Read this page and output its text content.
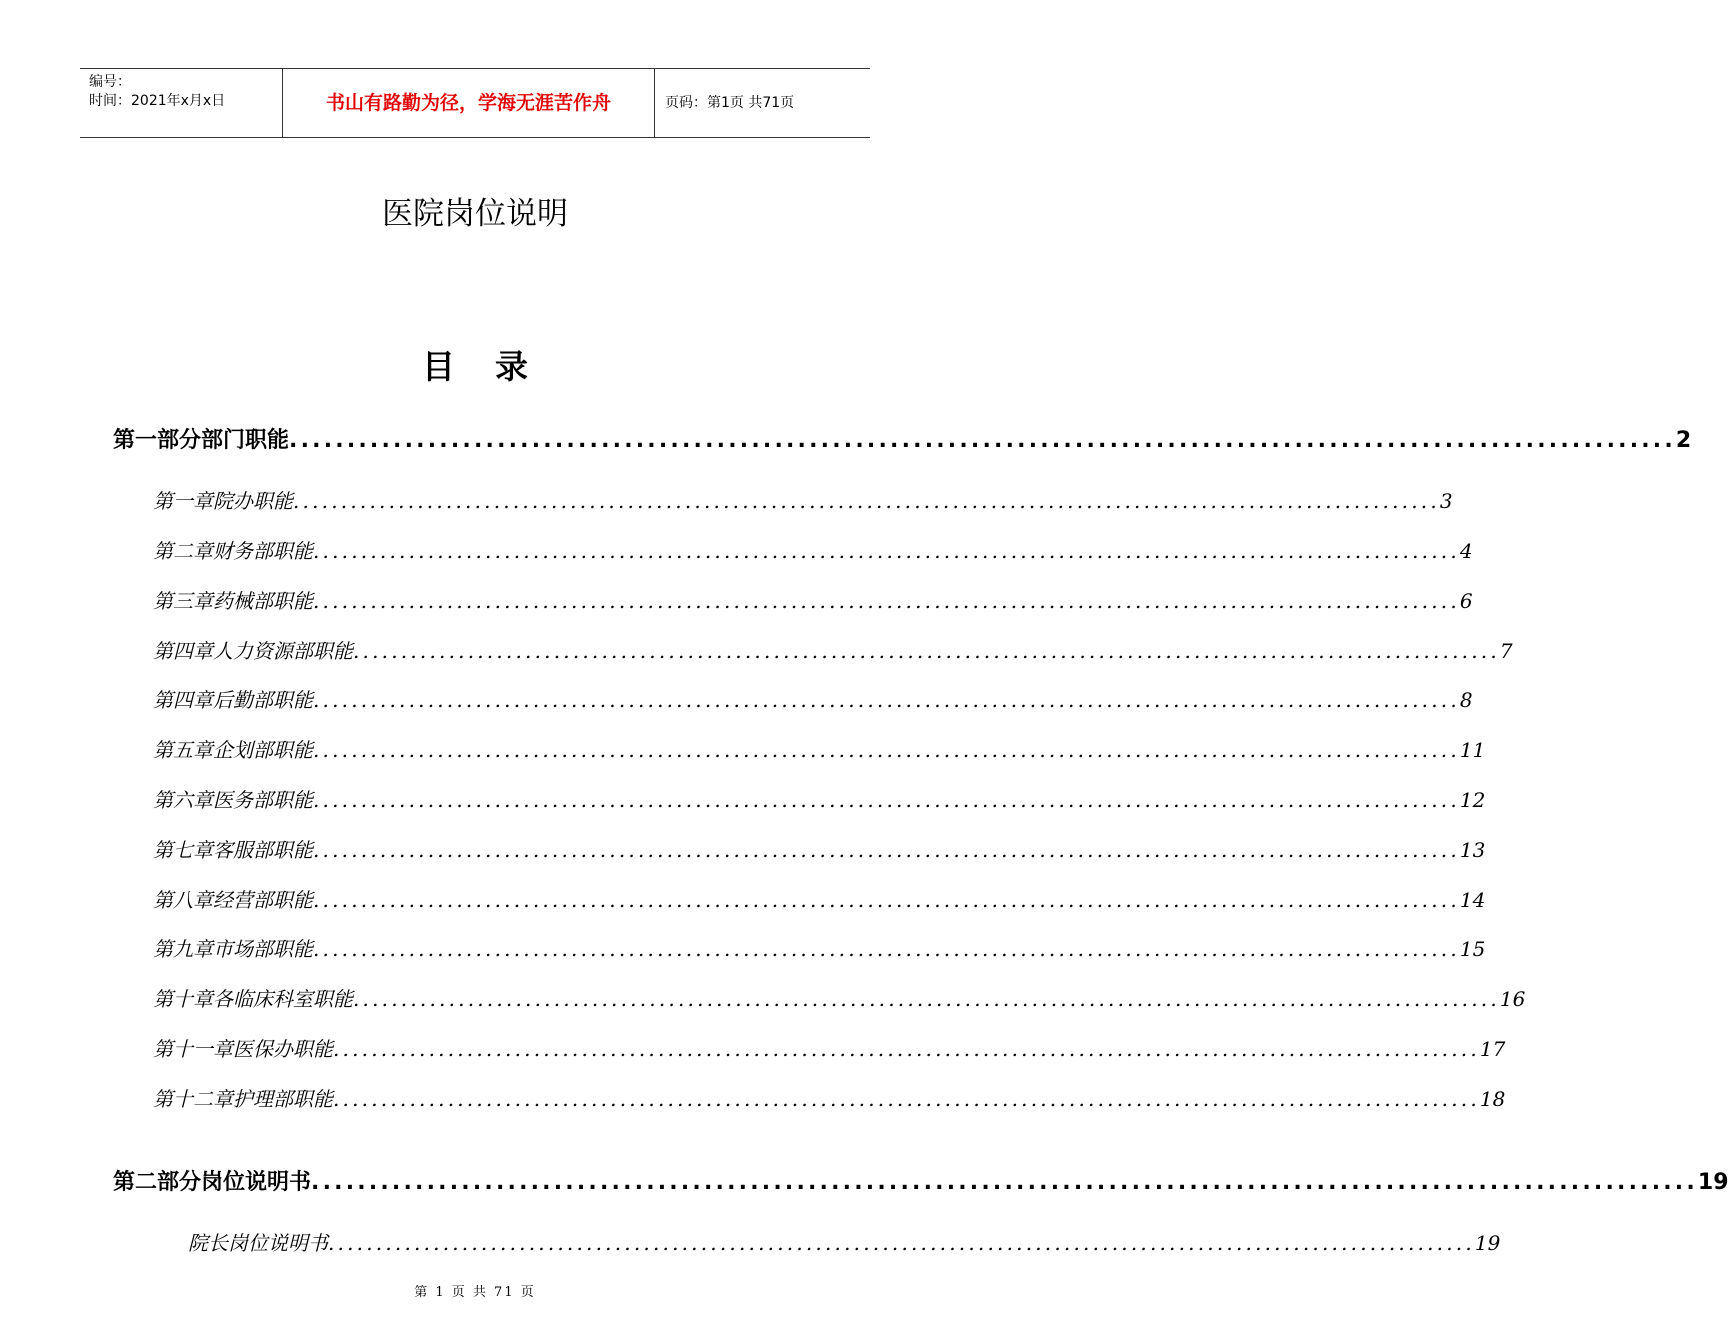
编号：
时间：2021年x月x日	书山有路勤为径，学海无涯苦作舟	页码：第1页 共71页
医院岗位说明
目录
第一部分 部门职能 ........................................................................................................................ 2
第一章 院办职能 ........................................................................................................................ 3
第二章 财务部职能 ........................................................................................................................ 4
第三章 药械部职能 ........................................................................................................................ 6
第四章 人力资源部职能 ........................................................................................................................ 7
第四章 后勤部职能 ........................................................................................................................ 8
第五章 企划部职能 ........................................................................................................................ 11
第六章 医务部职能 ........................................................................................................................ 12
第七章 客服部职能 ........................................................................................................................ 13
第八章 经营部职能 ........................................................................................................................ 14
第九章 市场部职能 ........................................................................................................................ 15
第十章 各临床科室职能 ........................................................................................................................ 16
第十一章 医保办职能 ........................................................................................................................ 17
第十二章 护理部职能 ........................................................................................................................ 18
第二部分 岗位说明书 ........................................................................................................................ 19
院长岗位说明书 ........................................................................................................................ 19
第 1 页 共 71 页
